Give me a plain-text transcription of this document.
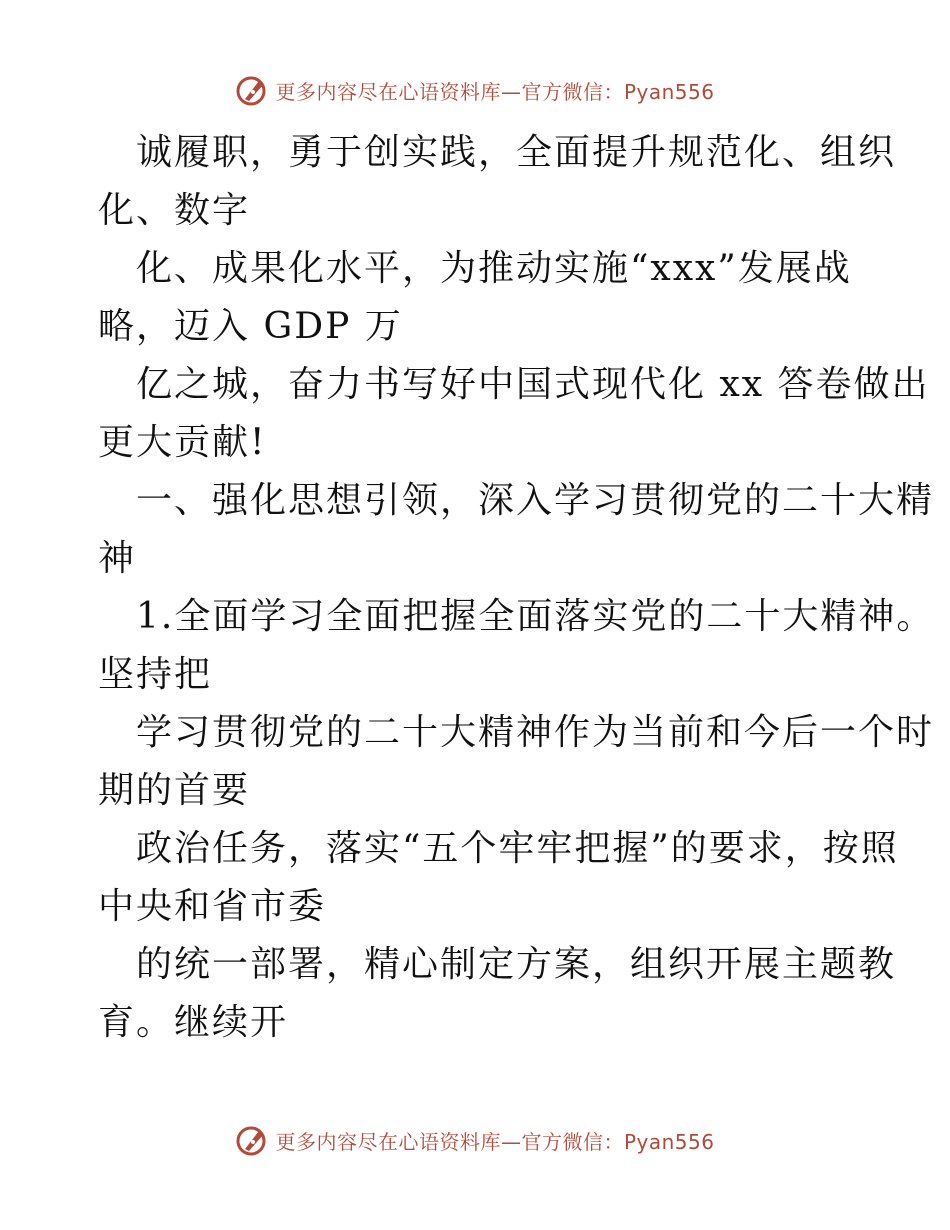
更多内容尽在心语资料库—官方微信：Pyan556
诚履职，勇于创实践，全面提升规范化、组织
化、数字
化、成果化水平，为推动实施“xxx”发展战
略，迈入 GDP 万
亿之城，奋力书写好中国式现代化 xx 答卷做出
更大贡献!
一、强化思想引领，深入学习贯彻党的二十大精
神
1.全面学习全面把握全面落实党的二十大精神。
坚持把
学习贯彻党的二十大精神作为当前和今后一个时
期的首要
政治任务，落实“五个牢牢把握”的要求，按照
中央和省市委
的统一部署，精心制定方案，组织开展主题教
育。继续开
更多内容尽在心语资料库—官方微信：Pyan556
